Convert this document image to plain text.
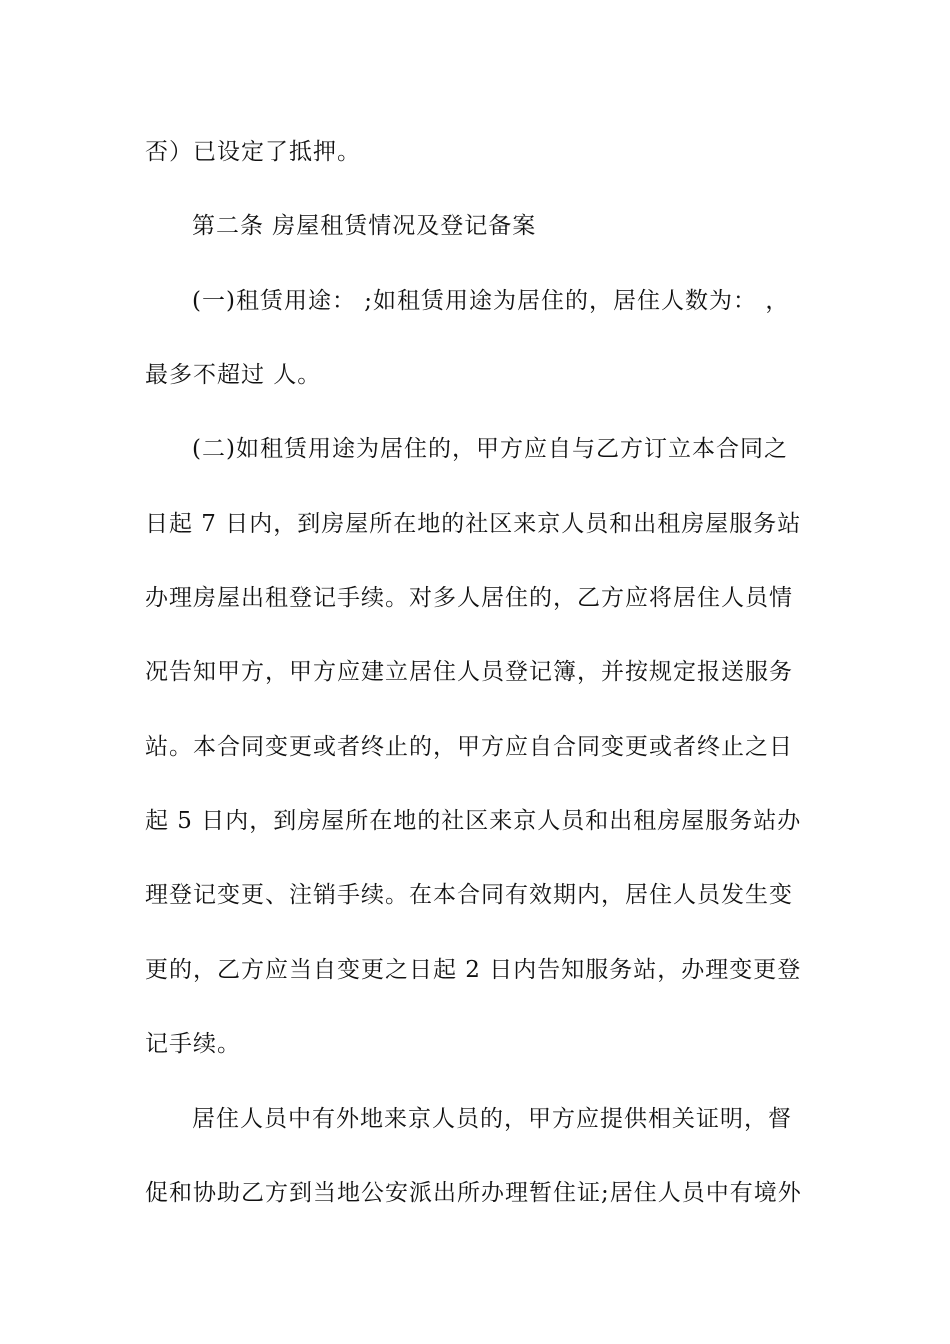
否）已设定了抵押。
第二条 房屋租赁情况及登记备案
(一)租赁用途： ;如租赁用途为居住的，居住人数为： ，
最多不超过 人。
(二)如租赁用途为居住的，甲方应自与乙方订立本合同之
日起 7 日内，到房屋所在地的社区来京人员和出租房屋服务站
办理房屋出租登记手续。对多人居住的，乙方应将居住人员情
况告知甲方，甲方应建立居住人员登记簿，并按规定报送服务
站。本合同变更或者终止的，甲方应自合同变更或者终止之日
起 5 日内，到房屋所在地的社区来京人员和出租房屋服务站办
理登记变更、注销手续。在本合同有效期内，居住人员发生变
更的，乙方应当自变更之日起 2 日内告知服务站，办理变更登
记手续。
居住人员中有外地来京人员的，甲方应提供相关证明，督
促和协助乙方到当地公安派出所办理暂住证;居住人员中有境外
